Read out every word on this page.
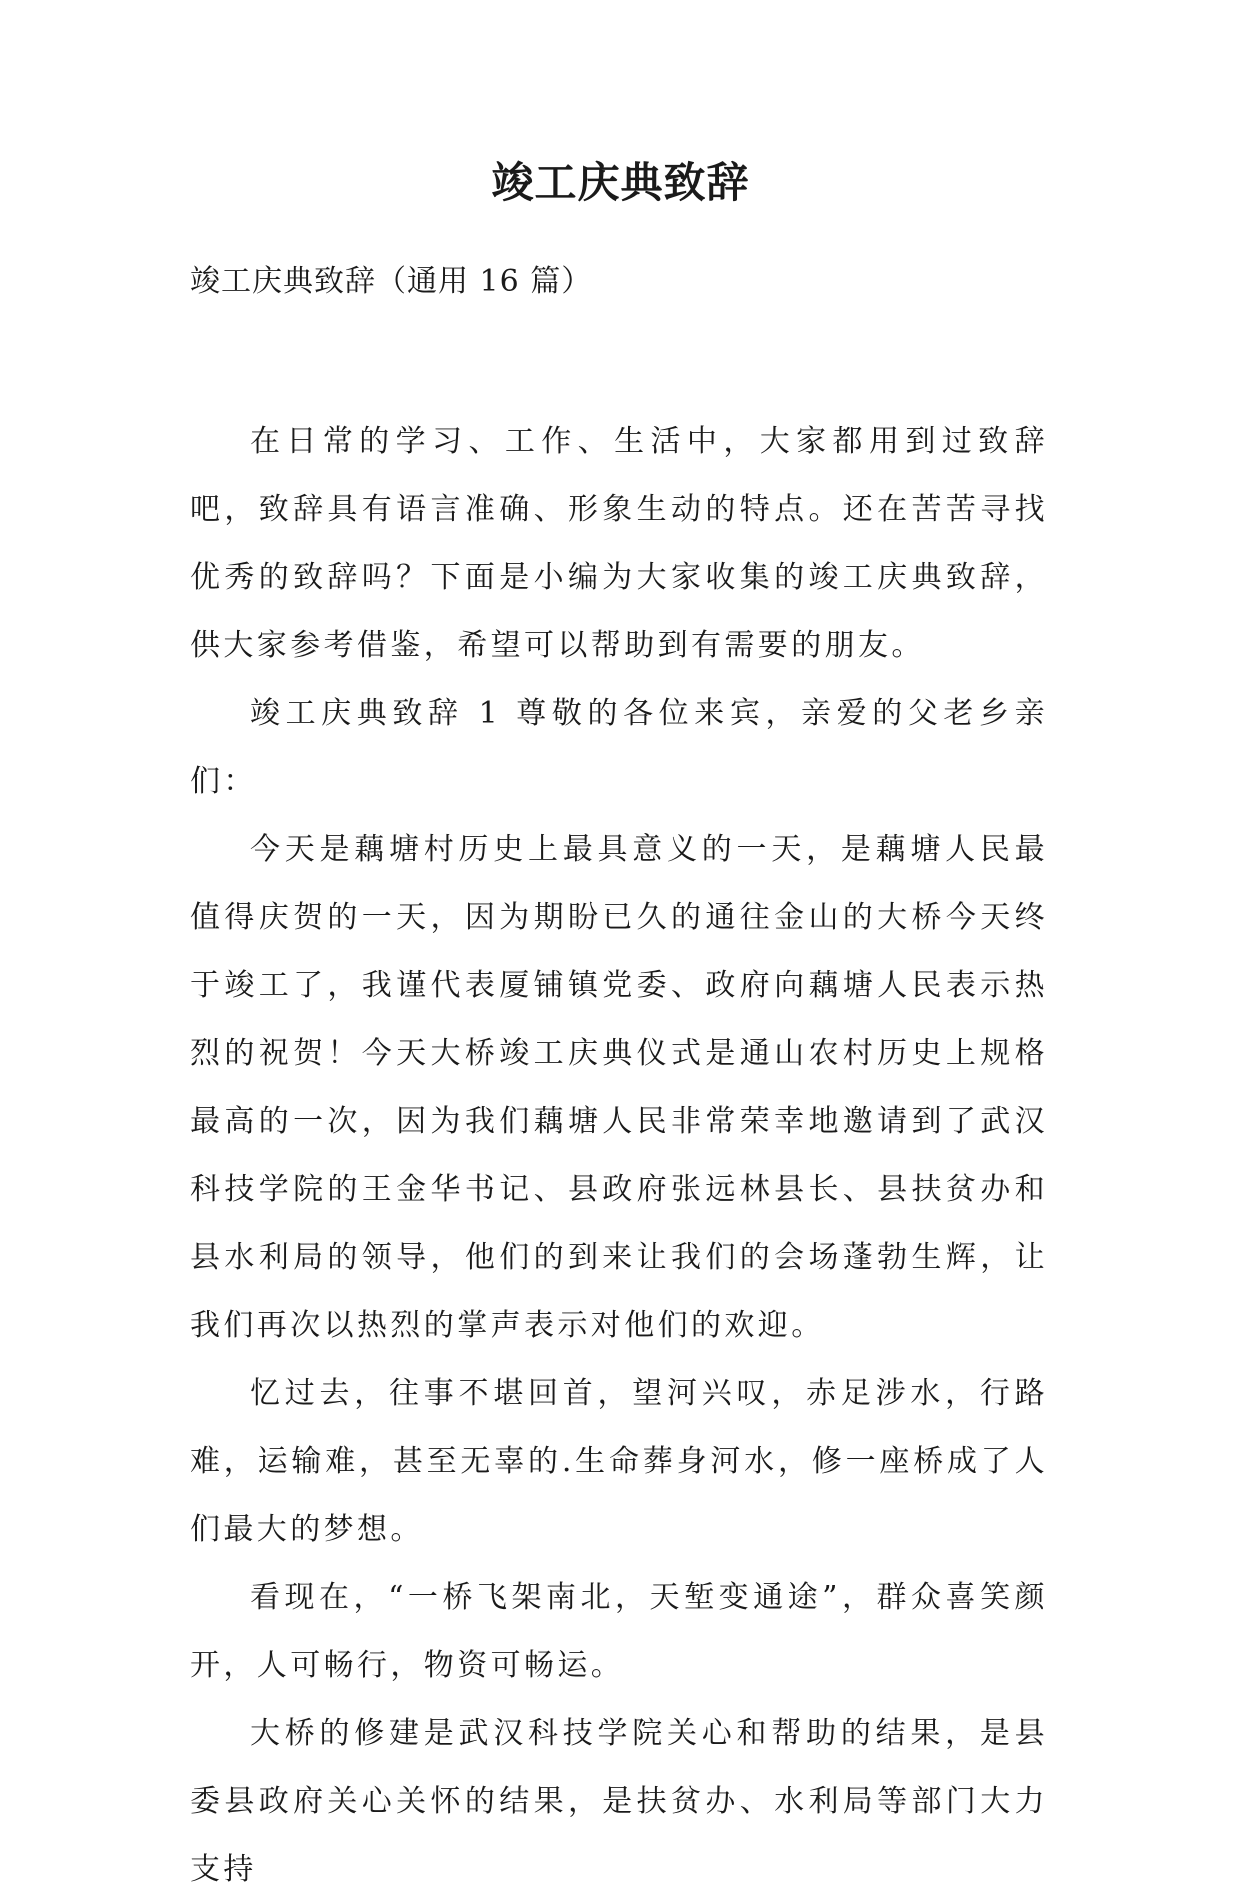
竣工庆典致辞
竣工庆典致辞（通用 16 篇）

在日常的学习、工作、生活中，大家都用到过致辞吧，致辞具有语言准确、形象生动的特点。还在苦苦寻找优秀的致辞吗？下面是小编为大家收集的竣工庆典致辞，供大家参考借鉴，希望可以帮助到有需要的朋友。

竣工庆典致辞 1 尊敬的各位来宾，亲爱的父老乡亲们：

今天是藕塘村历史上最具意义的一天，是藕塘人民最值得庆贺的一天，因为期盼已久的通往金山的大桥今天终于竣工了，我谨代表厦铺镇党委、政府向藕塘人民表示热烈的祝贺！今天大桥竣工庆典仪式是通山农村历史上规格最高的一次，因为我们藕塘人民非常荣幸地邀请到了武汉科技学院的王金华书记、县政府张远林县长、县扶贫办和县水利局的领导，他们的到来让我们的会场蓬勃生辉，让我们再次以热烈的掌声表示对他们的欢迎。

忆过去，往事不堪回首，望河兴叹，赤足涉水，行路难，运输难，甚至无辜的.生命葬身河水，修一座桥成了人们最大的梦想。

看现在，“一桥飞架南北，天堑变通途”，群众喜笑颜开，人可畅行，物资可畅运。

大桥的修建是武汉科技学院关心和帮助的结果，是县委县政府关心关怀的结果，是扶贫办、水利局等部门大力支持
